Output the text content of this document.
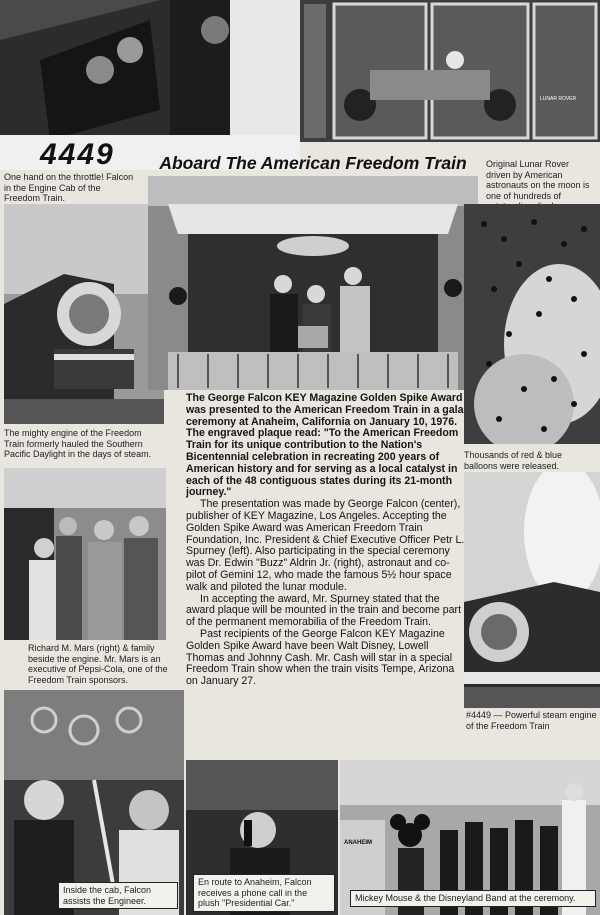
4449
LUNAR ROVER
Aboard The American Freedom Train
One hand on the throttle! Falcon in the Engine Cab of the Freedom Train.
Original Lunar Rover driven by American astronauts on the moon is one of hundreds of
The mighty engine of the Freedom Train formerly hauled the Southern Pacific Daylight in the days of steam.	Thousands of red & blue balloons were released.
Richard M. Mars (right) & family beside the engine. Mr. Mars is an executive of Pepsi-Cola, one of the Freedom Train sponsors.

The George Falcon KEY Magazine Golden Spike Award was presented to the American Freedom Train in a gala ceremony at Anaheim, California on January 10, 1976. The engraved plaque read: "To the American Freedom Train for its unique contribution to the Nation's Bicentennial celebration in recreating 200 years of American history and for serving as a local catalyst in each of the 48 contiguous states during its 21-month journey."

The presentation was made by George Falcon (center), publisher of KEY Magazine, Los Angeles. Accepting the Golden Spike Award was American Freedom Train Foundation, Inc. President & Chief Executive Officer Petr L. Spurney (left). Also participating in the special ceremony was Dr. Edwin "Buzz" Aldrin Jr. (right), astronaut and co-pilot of Gemini 12, who made the famous 5½ hour space walk and piloted the lunar module.

In accepting the award, Mr. Spurney stated that the award plaque will be mounted in the train and become part of the permanent memorabilia of the Freedom Train.

Past recipients of the George Falcon KEY Magazine Golden Spike Award have been Walt Disney, Lowell Thomas and Johnny Cash. Mr. Cash will star in a special Freedom Train show when the train visits Tempe, Arizona on January 27.

#4449 — Powerful steam engine of the Freedom Train
Inside the cab, Falcon assists the Engineer.
En route to Anaheim, Falcon receives a phone call in the plush "Presidential Car."
ANAHEIM
Mickey Mouse & the Disneyland Band at the ceremony.
